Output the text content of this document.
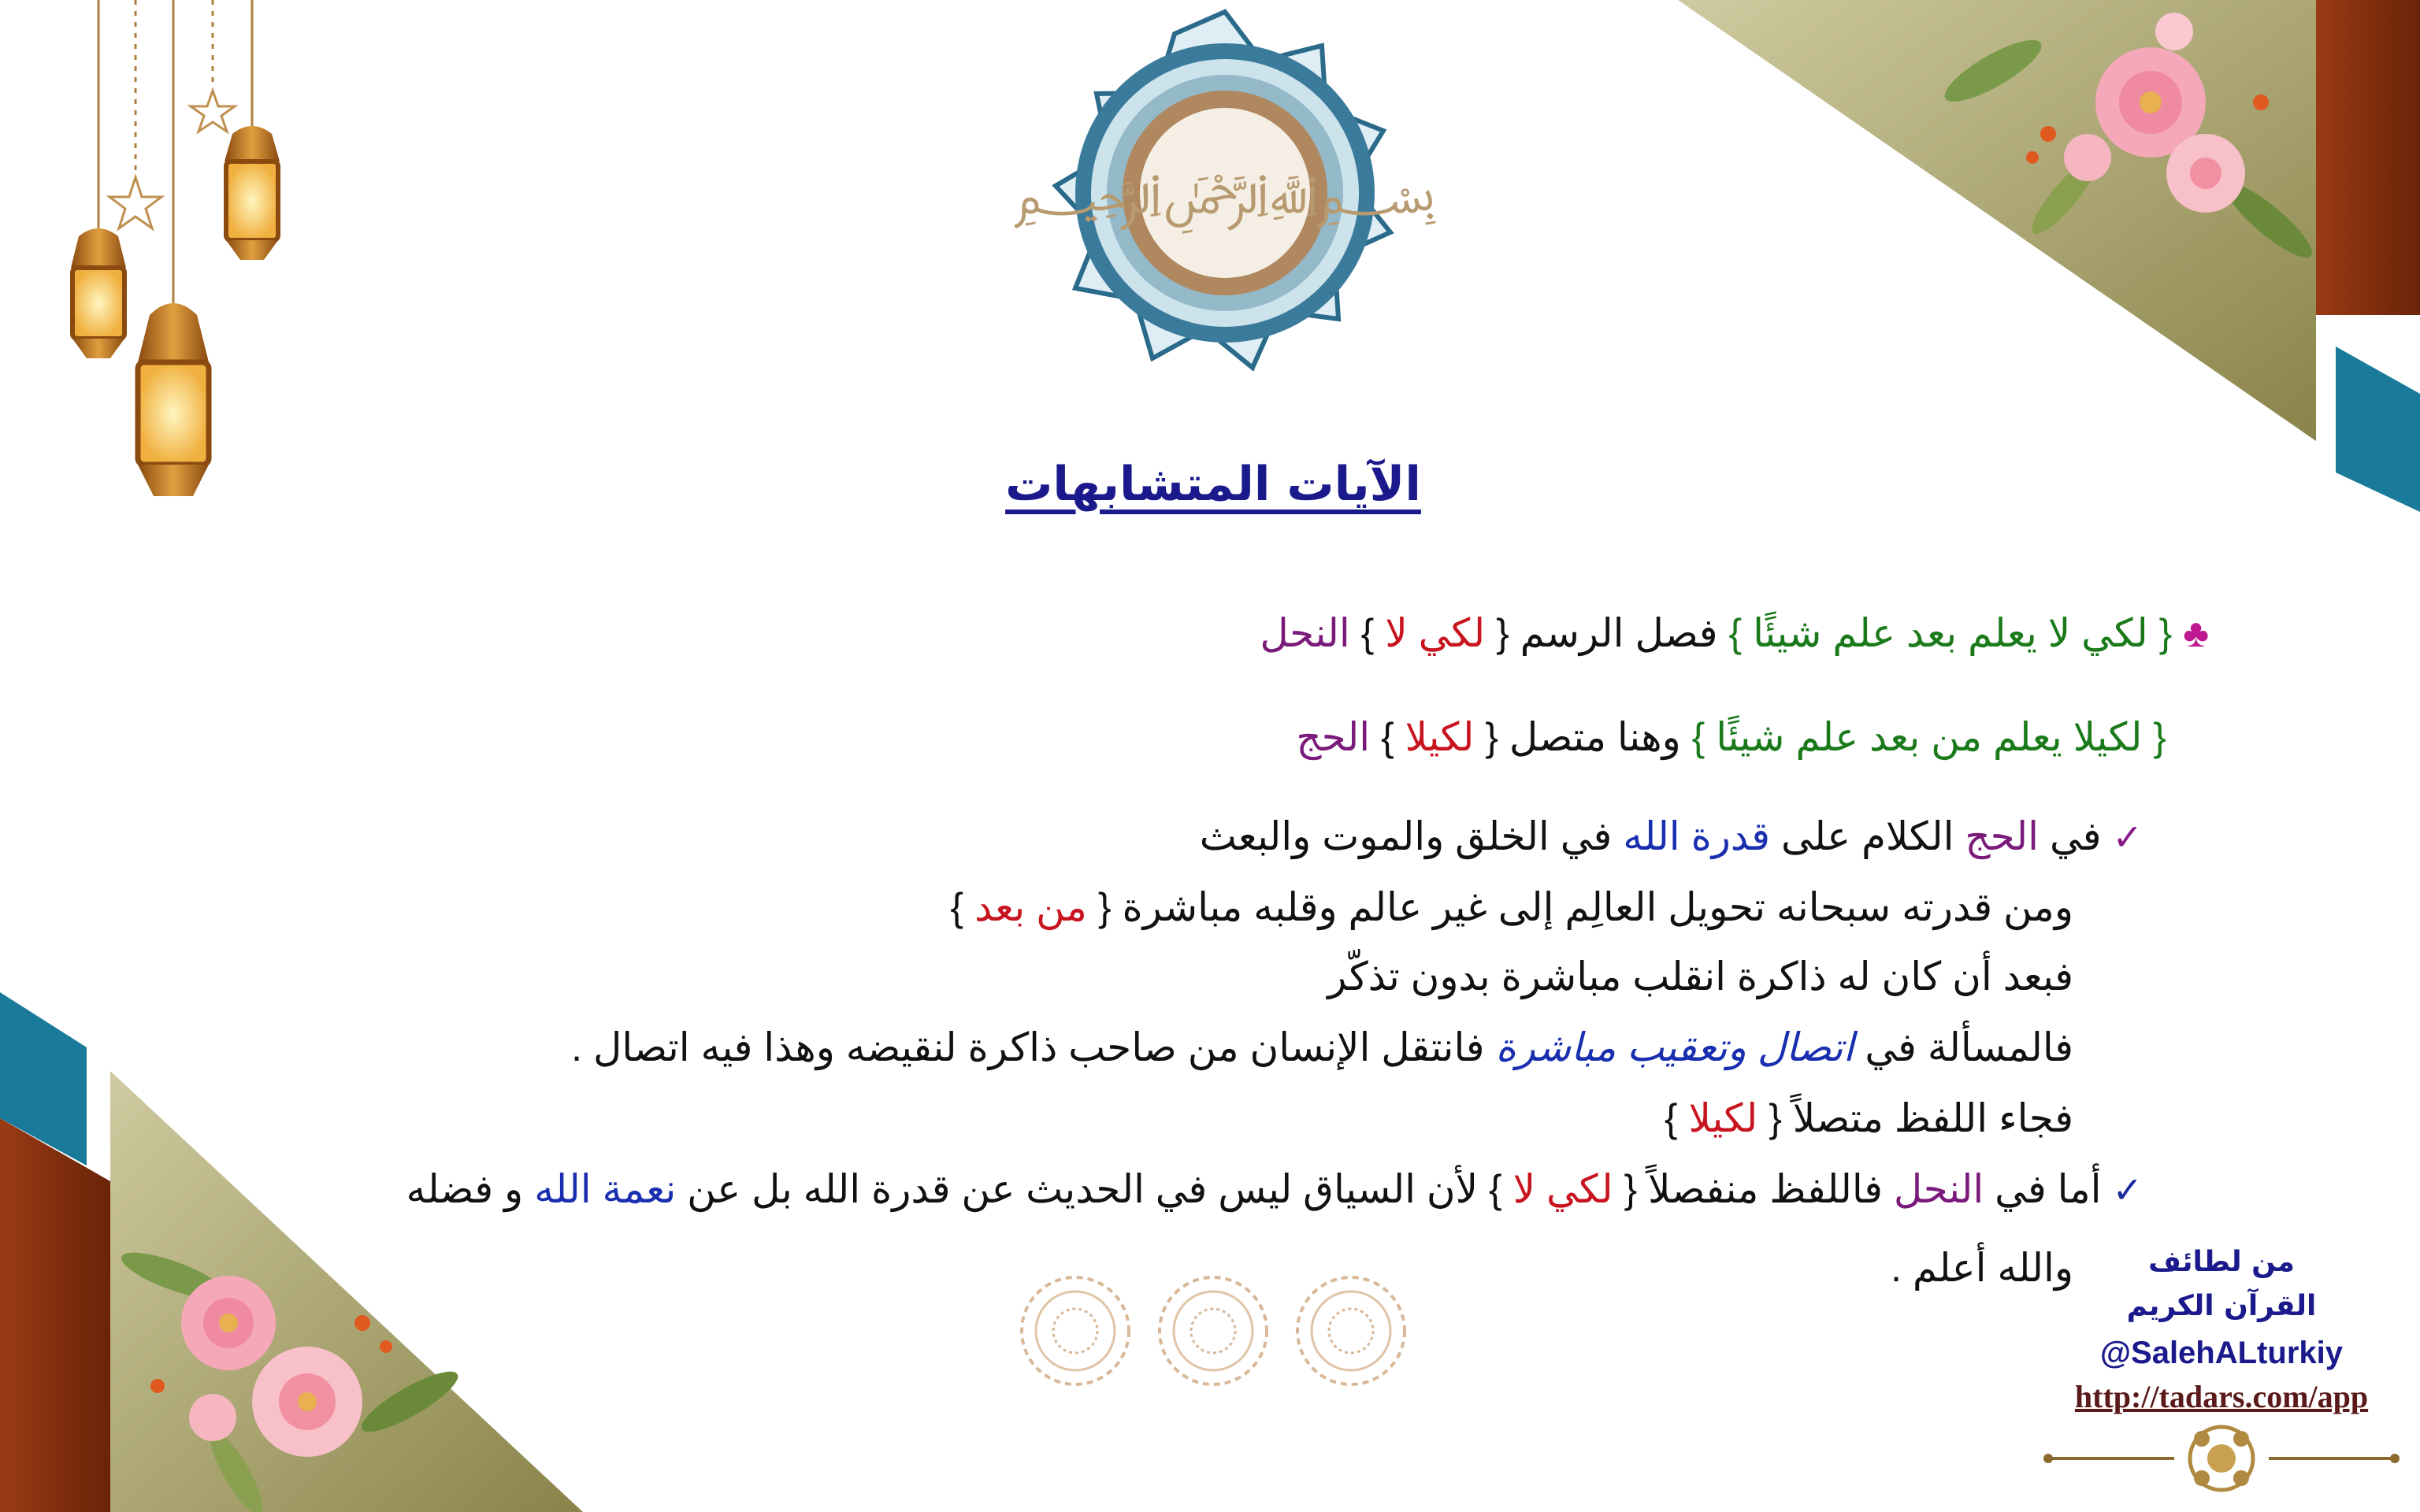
﷽
الآيات المتشابهات
♣ { لكي لا يعلم بعد علم شيئًا } فصل الرسم { لكي لا } النحل
{ لكيلا يعلم من بعد علم شيئًا } وهنا متصل { لكيلا } الحج
✓ في الحج الكلام على قدرة الله في الخلق والموت والبعث
ومن قدرته سبحانه تحويل العالِم إلى غير عالم وقلبه مباشرة { من بعد }
فبعد أن كان له ذاكرة انقلب مباشرة بدون تذكّر
فالمسألة في اتصال وتعقيب مباشرة فانتقل الإنسان من صاحب ذاكرة لنقيضه وهذا فيه اتصال .
فجاء اللفظ متصلاً { لكيلا }
✓ أما في النحل فاللفظ منفصلاً { لكي لا } لأن السياق ليس في الحديث عن قدرة الله بل عن نعمة الله و فضله
والله أعلم .	من لطائف
القرآن الكريم
@SalehALturkiy
http://tadars.com/app
